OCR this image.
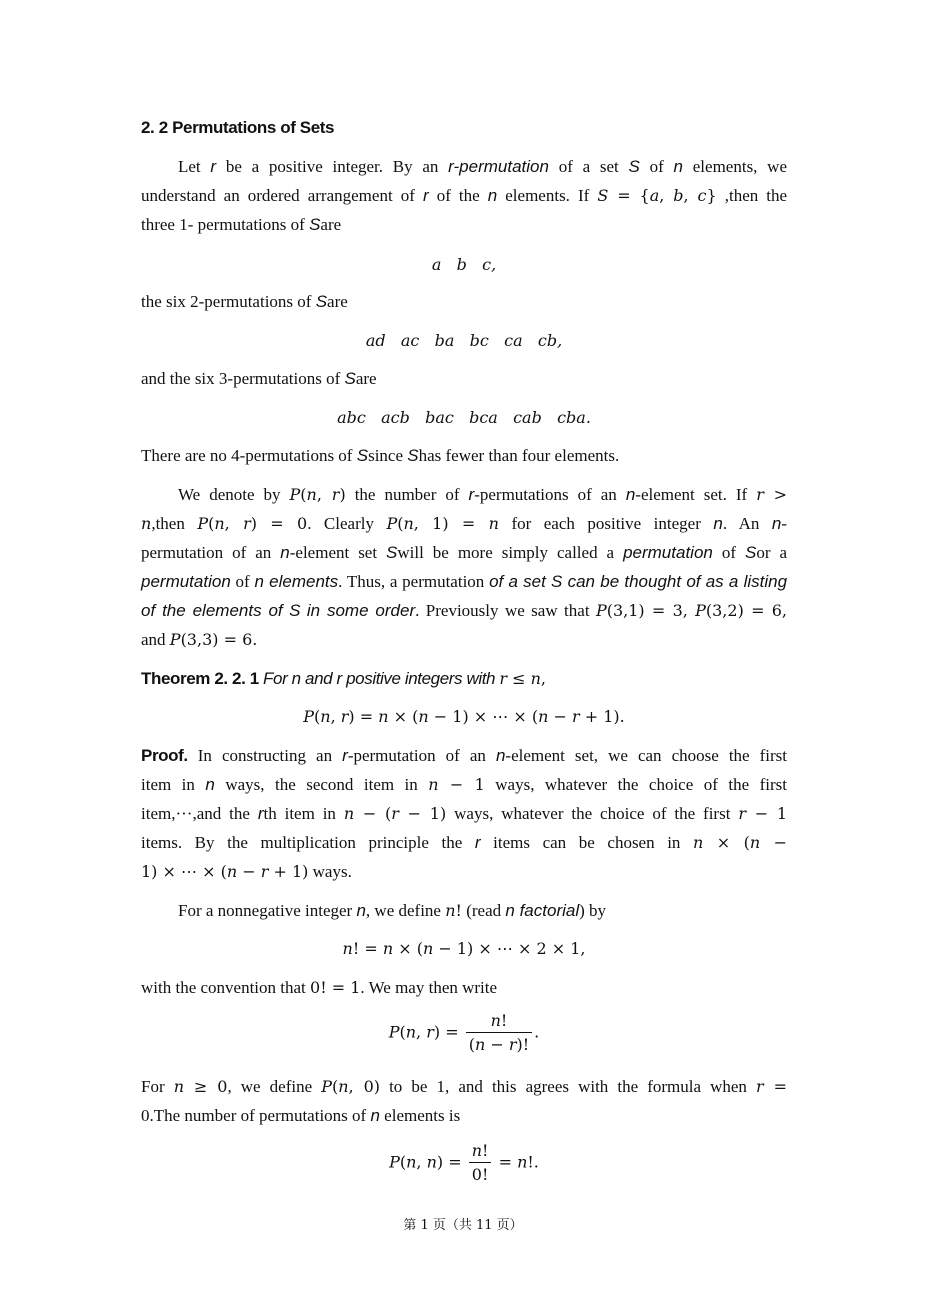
2. 2 Permutations of Sets
Let r be a positive integer. By an r-permutation of a set S of n elements, we
understand an ordered arrangement of r of the n elements. If S = {a, b, c} ,then the
three 1- permutations of Sare
a   b   c,
the six 2-permutations of Sare
ad   ac   ba   bc   ca   cb,
and the six 3-permutations of Sare
abc   acb   bac   bca   cab   cba.
There are no 4-permutations of Ssince Shas fewer than four elements.
We denote by P(n, r) the number of r-permutations of an n-element set. If r >
n,then P(n, r) = 0. Clearly P(n, 1) = n for each positive integer n. An n-
permutation of an n-element set Swill be more simply called a permutation of Sor a
permutation of n elements. Thus, a permutation of a set S can be thought of as a listing
of the elements of S in some order. Previously we saw that P(3,1) = 3, P(3,2) = 6,
and P(3,3) = 6.
Theorem 2. 2. 1 For n and r positive integers with r ≤ n,
P(n, r) = n × (n − 1) × ⋯ × (n − r + 1).
Proof. In constructing an r-permutation of an n-element set, we can choose the first
item in n ways, the second item in n − 1 ways, whatever the choice of the first
item,···,and the rth item in n − (r − 1) ways, whatever the choice of the first r − 1
items. By the multiplication principle the r items can be chosen in n × (n −
1) × ⋯ × (n − r + 1) ways.
For a nonnegative integer n, we define n! (read n factorial) by
n! = n × (n − 1) × ⋯ × 2 × 1,
with the convention that 0! = 1. We may then write
P(n, $r) = \frac{n!}{(n - r)!}$ .
For n ≥ 0, we define P(n, 0) to be 1, and this agrees with the formula when r =
0.The number of permutations of n elements is
P(n, $n) = \frac{n!}{0!} = n$!.
第 1 页（共 11 页）
